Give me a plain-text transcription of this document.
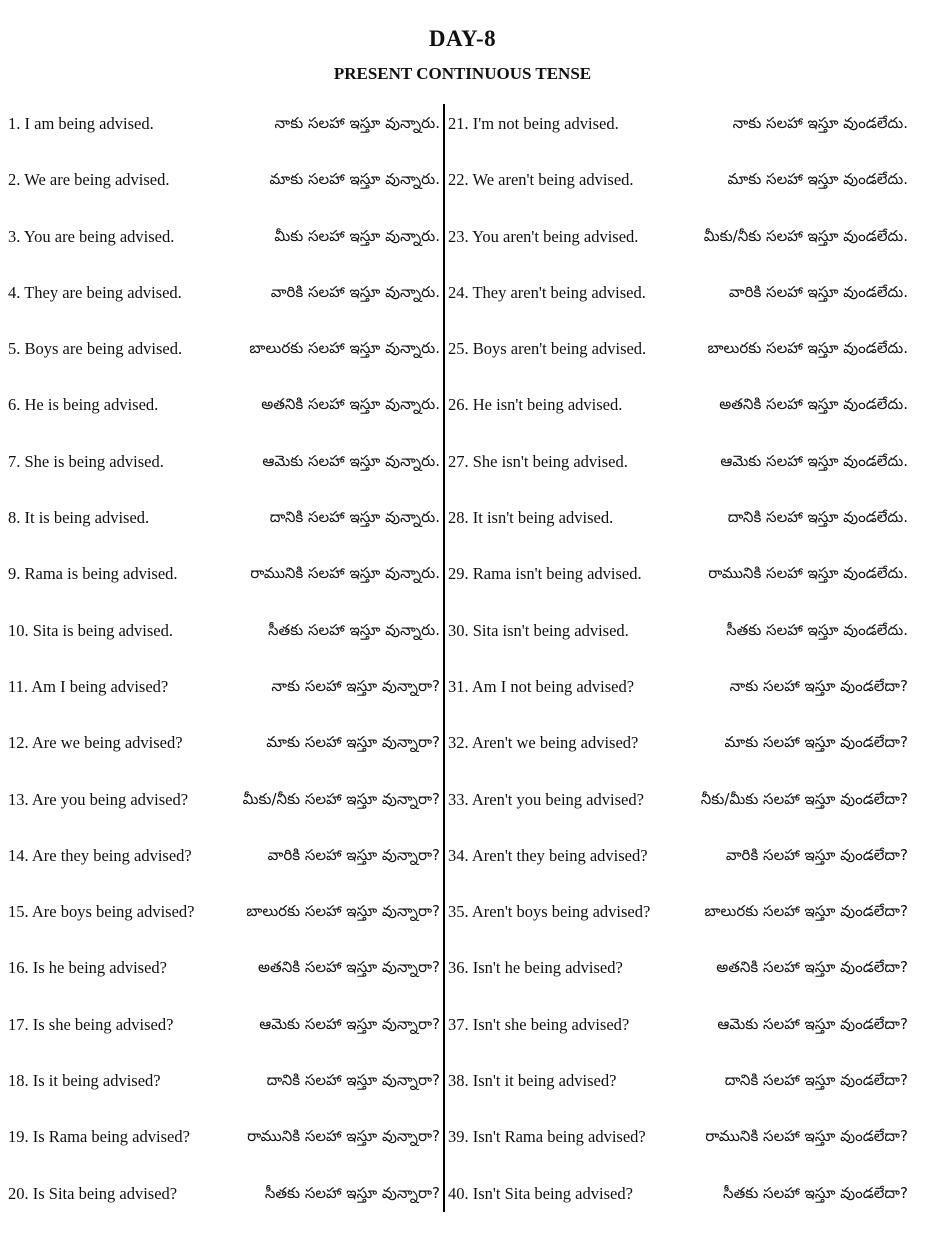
DAY-8
PRESENT CONTINUOUS TENSE
1. I am being advised.	నాకు సలహా ఇస్తూ వున్నారు.
2. We are being advised.	మాకు సలహా ఇస్తూ వున్నారు.
3. You are being advised.	మీకు సలహా ఇస్తూ వున్నారు.
4. They are being advised.	వారికి సలహా ఇస్తూ వున్నారు.
5. Boys are being advised.	బాలురకు సలహా ఇస్తూ వున్నారు.
6. He is being advised.	అతనికి సలహా ఇస్తూ వున్నారు.
7. She is being advised.	ఆమెకు సలహా ఇస్తూ వున్నారు.
8. It is being advised.	దానికి సలహా ఇస్తూ వున్నారు.
9. Rama is being advised.	రామునికి సలహా ఇస్తూ వున్నారు.
10. Sita is being advised.	సీతకు సలహా ఇస్తూ వున్నారు.
11. Am I being advised?	నాకు సలహా ఇస్తూ వున్నారా?
12. Are we being advised?	మాకు సలహా ఇస్తూ వున్నారా?
13. Are you being advised?	మీకు/నీకు సలహా ఇస్తూ వున్నారా?
14. Are they being advised?	వారికి సలహా ఇస్తూ వున్నారా?
15. Are boys being advised?	బాలురకు సలహా ఇస్తూ వున్నారా?
16. Is he being advised?	అతనికి సలహా ఇస్తూ వున్నారా?
17. Is she being advised?	ఆమెకు సలహా ఇస్తూ వున్నారా?
18. Is it being advised?	దానికి సలహా ఇస్తూ వున్నారా?
19. Is Rama being advised?	రామునికి సలహా ఇస్తూ వున్నారా?
20. Is Sita being advised?	సీతకు సలహా ఇస్తూ వున్నారా?
21. I'm not being advised.	నాకు సలహా ఇస్తూ వుండలేదు.
22. We aren't being advised.	మాకు సలహా ఇస్తూ వుండలేదు.
23. You aren't being advised.	మీకు/నీకు సలహా ఇస్తూ వుండలేదు.
24. They aren't being advised.	వారికి సలహా ఇస్తూ వుండలేదు.
25. Boys aren't being advised.	బాలురకు సలహా ఇస్తూ వుండలేదు.
26. He isn't being advised.	అతనికి సలహా ఇస్తూ వుండలేదు.
27. She isn't being advised.	ఆమెకు సలహా ఇస్తూ వుండలేదు.
28. It isn't being advised.	దానికి సలహా ఇస్తూ వుండలేదు.
29. Rama isn't being advised.	రామునికి సలహా ఇస్తూ వుండలేదు.
30. Sita isn't being advised.	సీతకు సలహా ఇస్తూ వుండలేదు.
31. Am I not being advised?	నాకు సలహా ఇస్తూ వుండలేదా?
32. Aren't we being advised?	మాకు సలహా ఇస్తూ వుండలేదా?
33. Aren't you being advised?	నీకు/మీకు సలహా ఇస్తూ వుండలేదా?
34. Aren't they being advised?	వారికి సలహా ఇస్తూ వుండలేదా?
35. Aren't boys being advised?	బాలురకు సలహా ఇస్తూ వుండలేదా?
36. Isn't he being advised?	అతనికి సలహా ఇస్తూ వుండలేదా?
37. Isn't she being advised?	ఆమెకు సలహా ఇస్తూ వుండలేదా?
38. Isn't it being advised?	దానికి సలహా ఇస్తూ వుండలేదా?
39. Isn't Rama being advised?	రామునికి సలహా ఇస్తూ వుండలేదా?
40. Isn't Sita being advised?	సీతకు సలహా ఇస్తూ వుండలేదా?
